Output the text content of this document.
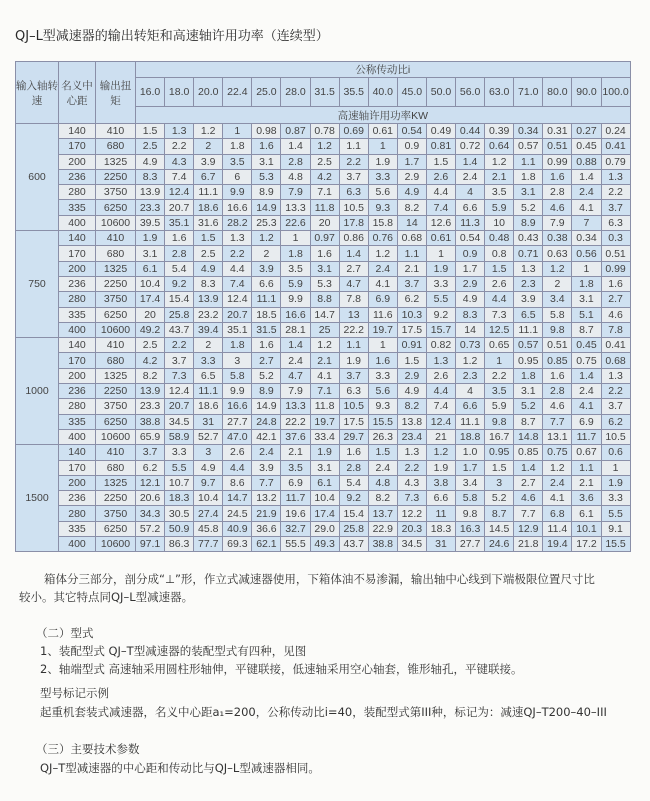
QJ–L型减速器的输出转矩和高速轴许用功率（连续型）
输入轴转速	名义中心距	输出扭矩	公称传动比i																
			16.0	18.0	20.0	22.4	25.0	28.0	31.5	35.5	40.0	45.0	50.0	56.0	63.0	71.0	80.0	90.0	100.0
			高速轴许用功率KW																
600	140	410	1.5	1.3	1.2	1	0.98	0.87	0.78	0.69	0.61	0.54	0.49	0.44	0.39	0.34	0.31	0.27	0.24
	170	680	2.5	2.2	2	1.8	1.6	1.4	1.2	1.1	1	0.9	0.81	0.72	0.64	0.57	0.51	0.45	0.41
	200	1325	4.9	4.3	3.9	3.5	3.1	2.8	2.5	2.2	1.9	1.7	1.5	1.4	1.2	1.1	0.99	0.88	0.79
	236	2250	8.3	7.4	6.7	6	5.3	4.8	4.2	3.7	3.3	2.9	2.6	2.4	2.1	1.8	1.6	1.4	1.3
	280	3750	13.9	12.4	11.1	9.9	8.9	7.9	7.1	6.3	5.6	4.9	4.4	4	3.5	3.1	2.8	2.4	2.2
	335	6250	23.3	20.7	18.6	16.6	14.9	13.3	11.8	10.5	9.3	8.2	7.4	6.6	5.9	5.2	4.6	4.1	3.7
	400	10600	39.5	35.1	31.6	28.2	25.3	22.6	20	17.8	15.8	14	12.6	11.3	10	8.9	7.9	7	6.3
750	140	410	1.9	1.6	1.5	1.3	1.2	1	0.97	0.86	0.76	0.68	0.61	0.54	0.48	0.43	0.38	0.34	0.3
	170	680	3.1	2.8	2.5	2.2	2	1.8	1.6	1.4	1.2	1.1	1	0.9	0.8	0.71	0.63	0.56	0.51
	200	1325	6.1	5.4	4.9	4.4	3.9	3.5	3.1	2.7	2.4	2.1	1.9	1.7	1.5	1.3	1.2	1	0.99
	236	2250	10.4	9.2	8.3	7.4	6.6	5.9	5.3	4.7	4.1	3.7	3.3	2.9	2.6	2.3	2	1.8	1.6
	280	3750	17.4	15.4	13.9	12.4	11.1	9.9	8.8	7.8	6.9	6.2	5.5	4.9	4.4	3.9	3.4	3.1	2.7
	335	6250	20	25.8	23.2	20.7	18.5	16.6	14.7	13	11.6	10.3	9.2	8.3	7.3	6.5	5.8	5.1	4.6
	400	10600	49.2	43.7	39.4	35.1	31.5	28.1	25	22.2	19.7	17.5	15.7	14	12.5	11.1	9.8	8.7	7.8
1000	140	410	2.5	2.2	2	1.8	1.6	1.4	1.2	1.1	1	0.91	0.82	0.73	0.65	0.57	0.51	0.45	0.41
	170	680	4.2	3.7	3.3	3	2.7	2.4	2.1	1.9	1.6	1.5	1.3	1.2	1	0.95	0.85	0.75	0.68
	200	1325	8.2	7.3	6.5	5.8	5.2	4.7	4.1	3.7	3.3	2.9	2.6	2.3	2.2	1.8	1.6	1.4	1.3
	236	2250	13.9	12.4	11.1	9.9	8.9	7.9	7.1	6.3	5.6	4.9	4.4	4	3.5	3.1	2.8	2.4	2.2
	280	3750	23.3	20.7	18.6	16.6	14.9	13.3	11.8	10.5	9.3	8.2	7.4	6.6	5.9	5.2	4.6	4.1	3.7
	335	6250	38.8	34.5	31	27.7	24.8	22.2	19.7	17.5	15.5	13.8	12.4	11.1	9.8	8.7	7.7	6.9	6.2
	400	10600	65.9	58.9	52.7	47.0	42.1	37.6	33.4	29.7	26.3	23.4	21	18.8	16.7	14.8	13.1	11.7	10.5
1500	140	410	3.7	3.3	3	2.6	2.4	2.1	1.9	1.6	1.5	1.3	1.2	1.0	0.95	0.85	0.75	0.67	0.6
	170	680	6.2	5.5	4.9	4.4	3.9	3.5	3.1	2.8	2.4	2.2	1.9	1.7	1.5	1.4	1.2	1.1	1
	200	1325	12.1	10.7	9.7	8.6	7.7	6.9	6.1	5.4	4.8	4.3	3.8	3.4	3	2.7	2.4	2.1	1.9
	236	2250	20.6	18.3	10.4	14.7	13.2	11.7	10.4	9.2	8.2	7.3	6.6	5.8	5.2	4.6	4.1	3.6	3.3
	280	3750	34.3	30.5	27.4	24.5	21.9	19.6	17.4	15.4	13.7	12.2	11	9.8	8.7	7.7	6.8	6.1	5.5
	335	6250	57.2	50.9	45.8	40.9	36.6	32.7	29.0	25.8	22.9	20.3	18.3	16.3	14.5	12.9	11.4	10.1	9.1
	400	10600	97.1	86.3	77.7	69.3	62.1	55.5	49.3	43.7	38.8	34.5	31	27.7	24.6	21.8	19.4	17.2	15.5
箱体分三部分，剖分成“⊥”形，作立式减速器使用，下箱体油不易渗漏，输出轴中心线到下端极限位置尺寸比
较小。其它特点同QJ–L型减速器。
（二）型式
1、装配型式 QJ–T型减速器的装配型式有四种，见图
2、轴端型式 高速轴采用圆柱形轴伸，平键联接，低速轴采用空心轴套，锥形轴孔，平键联接。
型号标记示例
起重机套装式减速器，名义中心距a₁=200，公称传动比i=40，装配型式第III种，标记为：减速QJ–T200–40–III
（三）主要技术参数
QJ–T型减速器的中心距和传动比与QJ–L型减速器相同。
